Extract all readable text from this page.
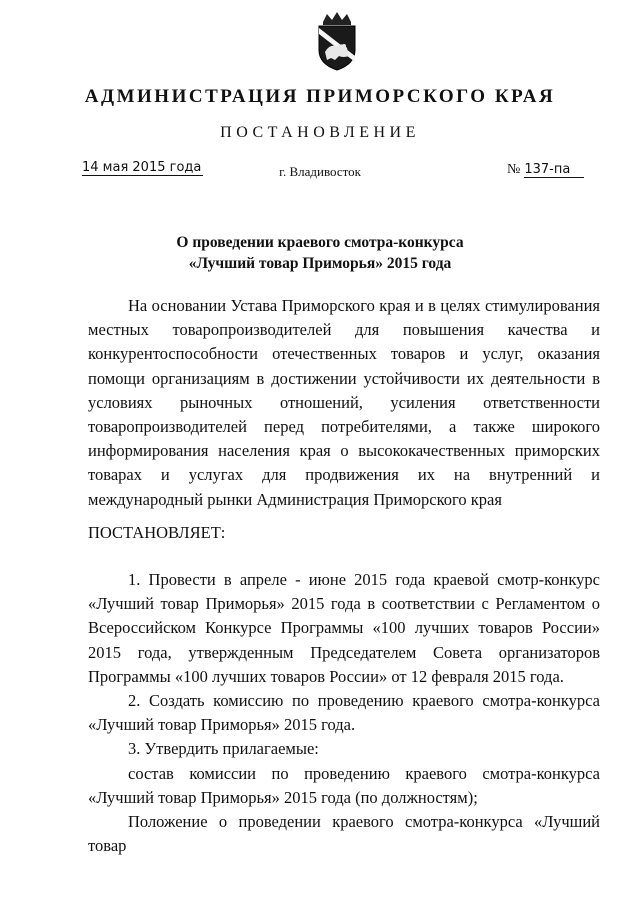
АДМИНИСТРАЦИЯ ПРИМОРСКОГО КРАЯ
ПОСТАНОВЛЕНИЕ
14 мая 2015 года	г. Владивосток	№ 137-па
О проведении краевого смотра-конкурса
«Лучший товар Приморья» 2015 года

На основании Устава Приморского края и в целях стимулирования местных товаропроизводителей для повышения качества и конкурентоспособности отечественных товаров и услуг, оказания помощи организациям в достижении устойчивости их деятельности в условиях рыночных отношений, усиления ответственности товаропроизводителей перед потребителями, а также широкого информирования населения края о высококачественных приморских товарах и услугах для продвижения их на внутренний и международный рынки Администрация Приморского края

ПОСТАНОВЛЯЕТ:

1. Провести в апреле - июне 2015 года краевой смотр-конкурс «Лучший товар Приморья» 2015 года в соответствии с Регламентом о Всероссийском Конкурсе Программы «100 лучших товаров России» 2015 года, утвержденным Председателем Совета организаторов Программы «100 лучших товаров России» от 12 февраля 2015 года.

2. Создать комиссию по проведению краевого смотра-конкурса «Лучший товар Приморья» 2015 года.

3. Утвердить прилагаемые:

состав комиссии по проведению краевого смотра-конкурса «Лучший товар Приморья» 2015 года (по должностям);

Положение о проведении краевого смотра-конкурса «Лучший товар
